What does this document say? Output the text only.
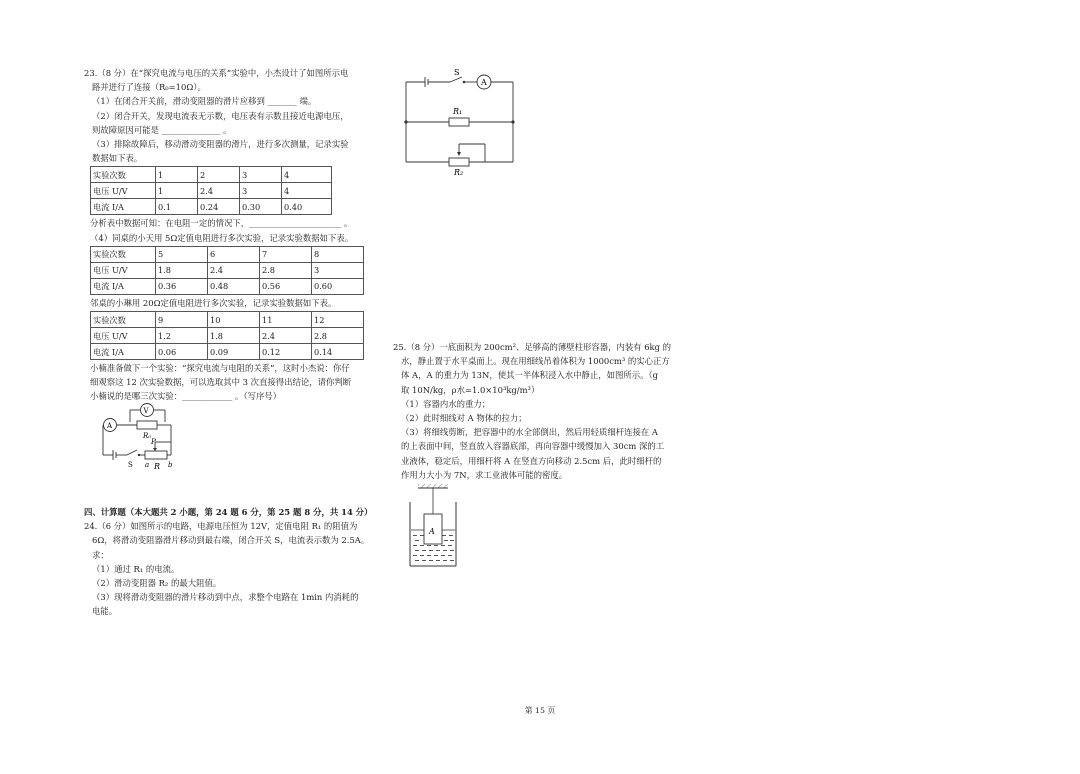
23.（8 分）在“探究电流与电压的关系”实验中，小杰设计了如图所示电

路并进行了连接（R₀=10Ω）。

（1）在闭合开关前，滑动变阻器的滑片应移到 _______ 端。

（2）闭合开关，发现电流表无示数，电压表有示数且接近电源电压，

则故障原因可能是 ______________ 。

（3）排除故障后，移动滑动变阻器的滑片，进行多次测量，记录实验

数据如下表。

实验次数	1	2	3	4
电压 U/V	1	2.4	3	4
电流 I/A	0.1	0.24	0.30	0.40

分析表中数据可知：在电阻一定的情况下，______________________ 。

（4）同桌的小天用 5Ω定值电阻进行多次实验，记录实验数据如下表。

实验次数	5	6	7	8
电压 U/V	1.8	2.4	2.8	3
电流 I/A	0.36	0.48	0.56	0.60

邻桌的小琳用 20Ω定值电阻进行多次实验，记录实验数据如下表。

实验次数	9	10	11	12
电压 U/V	1.2	1.8	2.4	2.8
电流 I/A	0.06	0.09	0.12	0.14

小楠准备做下一个实验：“探究电流与电阻的关系”，这时小杰说：你仔

细观察这 12 次实验数据，可以选取其中 3 次直接得出结论，请你判断

小楠说的是哪三次实验：____________ 。（写序号）

V
A
R₀
P
S a R b

四、计算题（本大题共 2 小题，第 24 题 6 分，第 25 题 8 分，共 14 分）

24.（6 分）如图所示的电路，电源电压恒为 12V，定值电阻 R₁ 的阻值为

6Ω，将滑动变阻器滑片移动到最右端，闭合开关 S，电流表示数为 2.5A。

求：

（1）通过 R₁ 的电流。

（2）滑动变阻器 R₂ 的最大阻值。

（3）现将滑动变阻器的滑片移动到中点，求整个电路在 1min 内消耗的

电能。

S
A
R₁
R₂

25.（8 分）一底面积为 200cm²、足够高的薄壁柱形容器，内装有 6kg 的

水，静止置于水平桌面上。现在用细线吊着体积为 1000cm³ 的实心正方

体 A，A 的重力为 13N，使其一半体积浸入水中静止，如图所示。（g

取 10N/kg，ρ水=1.0×10³kg/m³）

（1）容器内水的重力；

（2）此时细线对 A 物体的拉力；

（3）将细线剪断，把容器中的水全部倒出，然后用轻质细杆连接在 A

的上表面中间，竖直放入容器底部，再向容器中缓慢加入 30cm 深的工

业液体，稳定后，用细杆将 A 在竖直方向移动 2.5cm 后，此时细杆的

作用力大小为 7N，求工业液体可能的密度。

A
第 15 页
